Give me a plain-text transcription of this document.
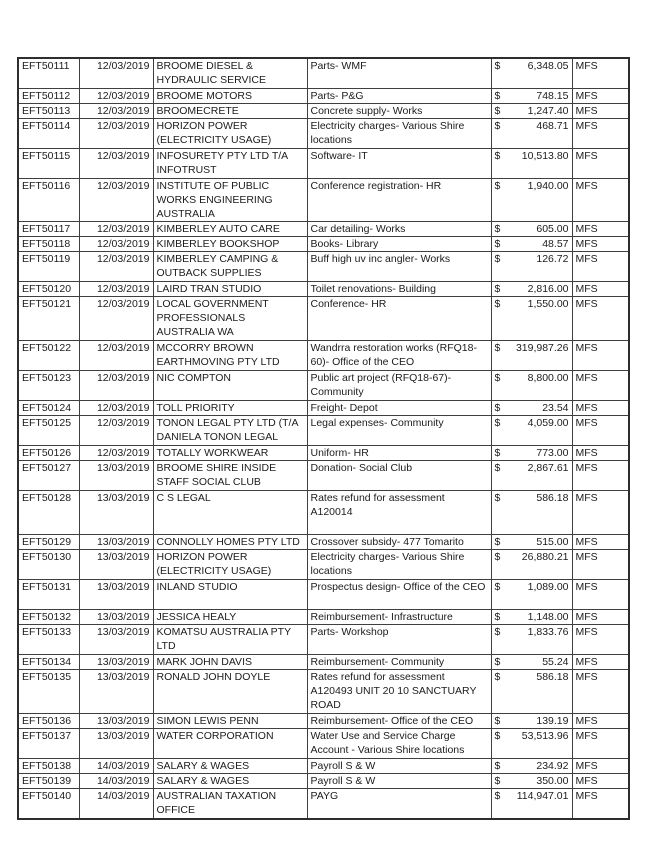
EFT50111	12/03/2019	BROOME DIESEL & HYDRAULIC SERVICE	Parts- WMF	$ 6,348.05	MFS
EFT50112	12/03/2019	BROOME MOTORS	Parts- P&G	$ 748.15	MFS
EFT50113	12/03/2019	BROOMECRETE	Concrete supply- Works	$ 1,247.40	MFS
EFT50114	12/03/2019	HORIZON POWER (ELECTRICITY USAGE)	Electricity charges- Various Shire locations	$ 468.71	MFS
EFT50115	12/03/2019	INFOSURETY PTY LTD T/A INFOTRUST	Software- IT	$ 10,513.80	MFS
EFT50116	12/03/2019	INSTITUTE OF PUBLIC WORKS ENGINEERING AUSTRALIA	Conference registration- HR	$ 1,940.00	MFS
EFT50117	12/03/2019	KIMBERLEY AUTO CARE	Car detailing- Works	$ 605.00	MFS
EFT50118	12/03/2019	KIMBERLEY BOOKSHOP	Books- Library	$ 48.57	MFS
EFT50119	12/03/2019	KIMBERLEY CAMPING & OUTBACK SUPPLIES	Buff high uv inc angler- Works	$ 126.72	MFS
EFT50120	12/03/2019	LAIRD TRAN STUDIO	Toilet renovations- Building	$ 2,816.00	MFS
EFT50121	12/03/2019	LOCAL GOVERNMENT PROFESSIONALS AUSTRALIA WA	Conference- HR	$ 1,550.00	MFS
EFT50122	12/03/2019	MCCORRY BROWN EARTHMOVING PTY LTD	Wandrra restoration works (RFQ18-60)- Office of the CEO	$ 319,987.26	MFS
EFT50123	12/03/2019	NIC COMPTON	Public art project (RFQ18-67)- Community	$ 8,800.00	MFS
EFT50124	12/03/2019	TOLL PRIORITY	Freight- Depot	$ 23.54	MFS
EFT50125	12/03/2019	TONON LEGAL PTY LTD (T/A DANIELA TONON LEGAL	Legal expenses- Community	$ 4,059.00	MFS
EFT50126	12/03/2019	TOTALLY WORKWEAR	Uniform- HR	$ 773.00	MFS
EFT50127	13/03/2019	BROOME SHIRE INSIDE STAFF SOCIAL CLUB	Donation- Social Club	$ 2,867.61	MFS
EFT50128	13/03/2019	C S LEGAL	Rates refund for assessment A120014	$ 586.18	MFS
EFT50129	13/03/2019	CONNOLLY HOMES PTY LTD	Crossover subsidy- 477 Tomarito	$ 515.00	MFS
EFT50130	13/03/2019	HORIZON POWER (ELECTRICITY USAGE)	Electricity charges- Various Shire locations	$ 26,880.21	MFS
EFT50131	13/03/2019	INLAND STUDIO	Prospectus design- Office of the CEO	$ 1,089.00	MFS
EFT50132	13/03/2019	JESSICA HEALY	Reimbursement- Infrastructure	$ 1,148.00	MFS
EFT50133	13/03/2019	KOMATSU AUSTRALIA PTY LTD	Parts- Workshop	$ 1,833.76	MFS
EFT50134	13/03/2019	MARK JOHN DAVIS	Reimbursement- Community	$ 55.24	MFS
EFT50135	13/03/2019	RONALD JOHN DOYLE	Rates refund for assessment A120493 UNIT 20 10 SANCTUARY ROAD	$ 586.18	MFS
EFT50136	13/03/2019	SIMON LEWIS PENN	Reimbursement- Office of the CEO	$ 139.19	MFS
EFT50137	13/03/2019	WATER CORPORATION	Water Use and Service Charge Account - Various Shire locations	$ 53,513.96	MFS
EFT50138	14/03/2019	SALARY & WAGES	Payroll S & W	$ 234.92	MFS
EFT50139	14/03/2019	SALARY & WAGES	Payroll S & W	$ 350.00	MFS
EFT50140	14/03/2019	AUSTRALIAN TAXATION OFFICE	PAYG	$ 114,947.01	MFS
